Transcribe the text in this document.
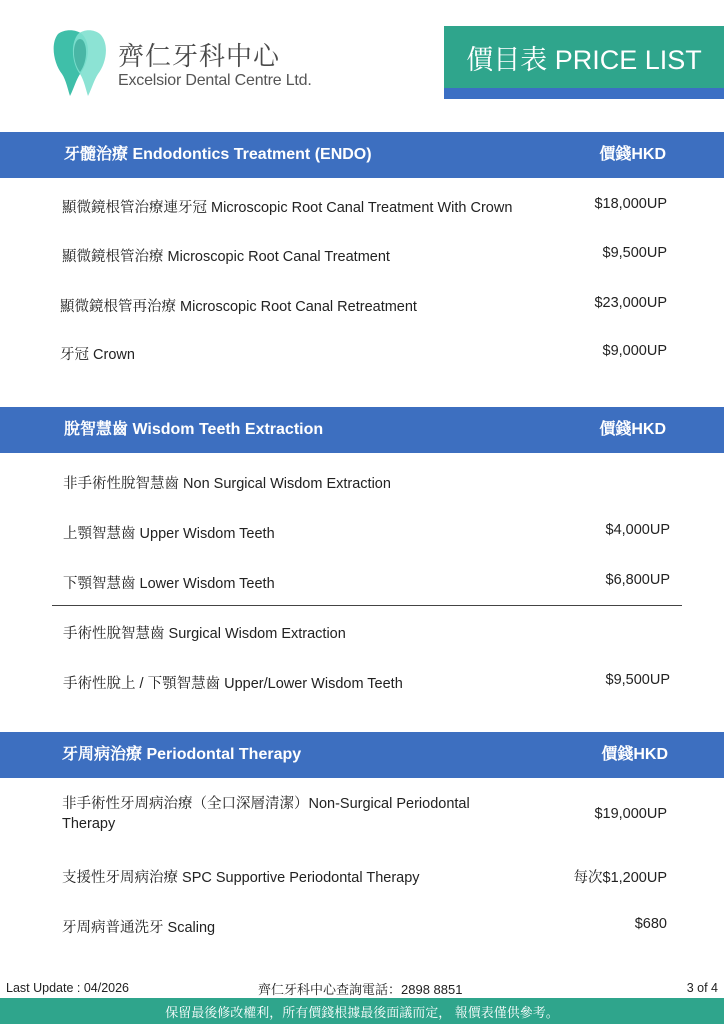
齊仁牙科中心
Excelsior Dental Centre Ltd.
價目表 PRICE LIST
牙髓治療 Endodontics Treatment (ENDO)	價錢HKD
顯微鏡根管治療連牙冠 Microscopic Root Canal Treatment With Crown	$18,000UP
顯微鏡根管治療 Microscopic Root Canal Treatment	$9,500UP
顯微鏡根管再治療 Microscopic Root Canal Retreatment	$23,000UP
牙冠 Crown	$9,000UP
脫智慧齒 Wisdom Teeth Extraction	價錢HKD
非手術性脫智慧齒 Non Surgical Wisdom Extraction
上顎智慧齒 Upper Wisdom Teeth	$4,000UP
下顎智慧齒 Lower Wisdom Teeth	$6,800UP
手術性脫智慧齒 Surgical Wisdom Extraction
手術性脫上 / 下顎智慧齒 Upper/Lower Wisdom Teeth	$9,500UP
牙周病治療 Periodontal Therapy	價錢HKD
非手術性牙周病治療（全口深層清潔）Non-Surgical Periodontal Therapy
$19,000UP
支援性牙周病治療 SPC Supportive Periodontal Therapy	每次$1,200UP
牙周病普通洗牙 Scaling	$680
Last Update : 04/2026	齊仁牙科中心查詢電話：2898 8851	3 of 4
保留最後修改權利，所有價錢根據最後面議而定， 報價表僅供參考。
